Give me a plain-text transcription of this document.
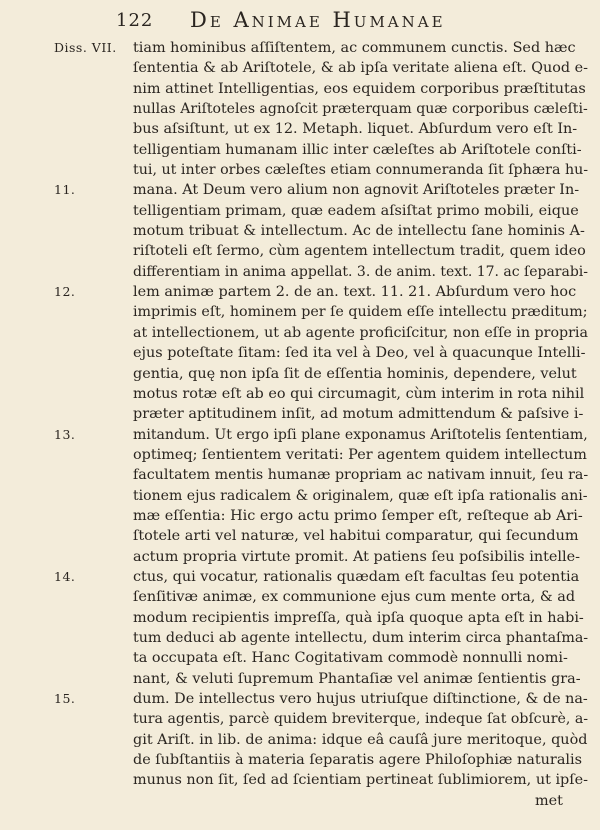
122 De Animae Humanae
Diss. VII. tiam hominibus aſſiſtentem, ac communem cunctis. Sed hæc
ſententia & ab Ariſtotele, & ab ipſa veritate aliena eſt. Quod e-
nim attinet Intelligentias, eos equidem corporibus præſtitutas
nullas Ariſtoteles agnoſcit præterquam quæ corporibus cæleſti-
bus aſsiſtunt, ut ex 12. Metaph. liquet. Abſurdum vero eſt In-
telligentiam humanam illic inter cæleſtes ab Ariſtotele conſti-
tui, ut inter orbes cæleſtes etiam connumeranda ſit ſphæra hu-
11.	mana. At Deum vero alium non agnovit Ariſtoteles præter In-
telligentiam primam, quæ eadem aſsiſtat primo mobili, eique
motum tribuat & intellectum. Ac de intellectu ſane hominis A-
riſtoteli eſt ſermo, cùm agentem intellectum tradit, quem ideo
differentiam in anima appellat. 3. de anim. text. 17. ac ſeparabi-
12.	lem animæ partem 2. de an. text. 11. 21. Abſurdum vero hoc
imprimis eſt, hominem per ſe quidem eſſe intellectu præditum;
at intellectionem, ut ab agente proficiſcitur, non eſſe in propria
ejus poteſtate ſitam: ſed ita vel à Deo, vel à quacunque Intelli-
gentia, quę non ipſa ſit de eſſentia hominis, dependere, velut
motus rotæ eſt ab eo qui circumagit, cùm interim in rota nihil
præter aptitudinem inſit, ad motum admittendum & paſsive i-
13.	mitandum. Ut ergo ipſi plane exponamus Ariſtotelis ſententiam,
optimeq; ſentientem veritati: Per agentem quidem intellectum
facultatem mentis humanæ propriam ac nativam innuit, ſeu ra-
tionem ejus radicalem & originalem, quæ eſt ipſa rationalis ani-
mæ eſſentia: Hic ergo actu primo ſemper eſt, reſteque ab Ari-
ſtotele arti vel naturæ, vel habitui comparatur, qui ſecundum
actum propria virtute promit. At patiens ſeu poſsibilis intelle-
14.	ctus, qui vocatur, rationalis quædam eſt facultas ſeu potentia
ſenſitivæ animæ, ex communione ejus cum mente orta, & ad
modum recipientis impreſſa, quà ipſa quoque apta eſt in habi-
tum deduci ab agente intellectu, dum interim circa phantaſma-
ta occupata eſt. Hanc Cogitativam commodè nonnulli nomi-
nant, & veluti ſupremum Phantaſiæ vel animæ ſentientis gra-
15.	dum. De intellectus vero hujus utriuſque diſtinctione, & de na-
tura agentis, parcè quidem breviterque, indeque ſat obſcurè, a-
git Ariſt. in lib. de anima: idque eâ cauſâ jure meritoque, quòd
de ſubſtantiis à materia ſeparatis agere Philoſophiæ naturalis
munus non ſit, ſed ad ſcientiam pertineat ſublimiorem, ut ipſe-
met
